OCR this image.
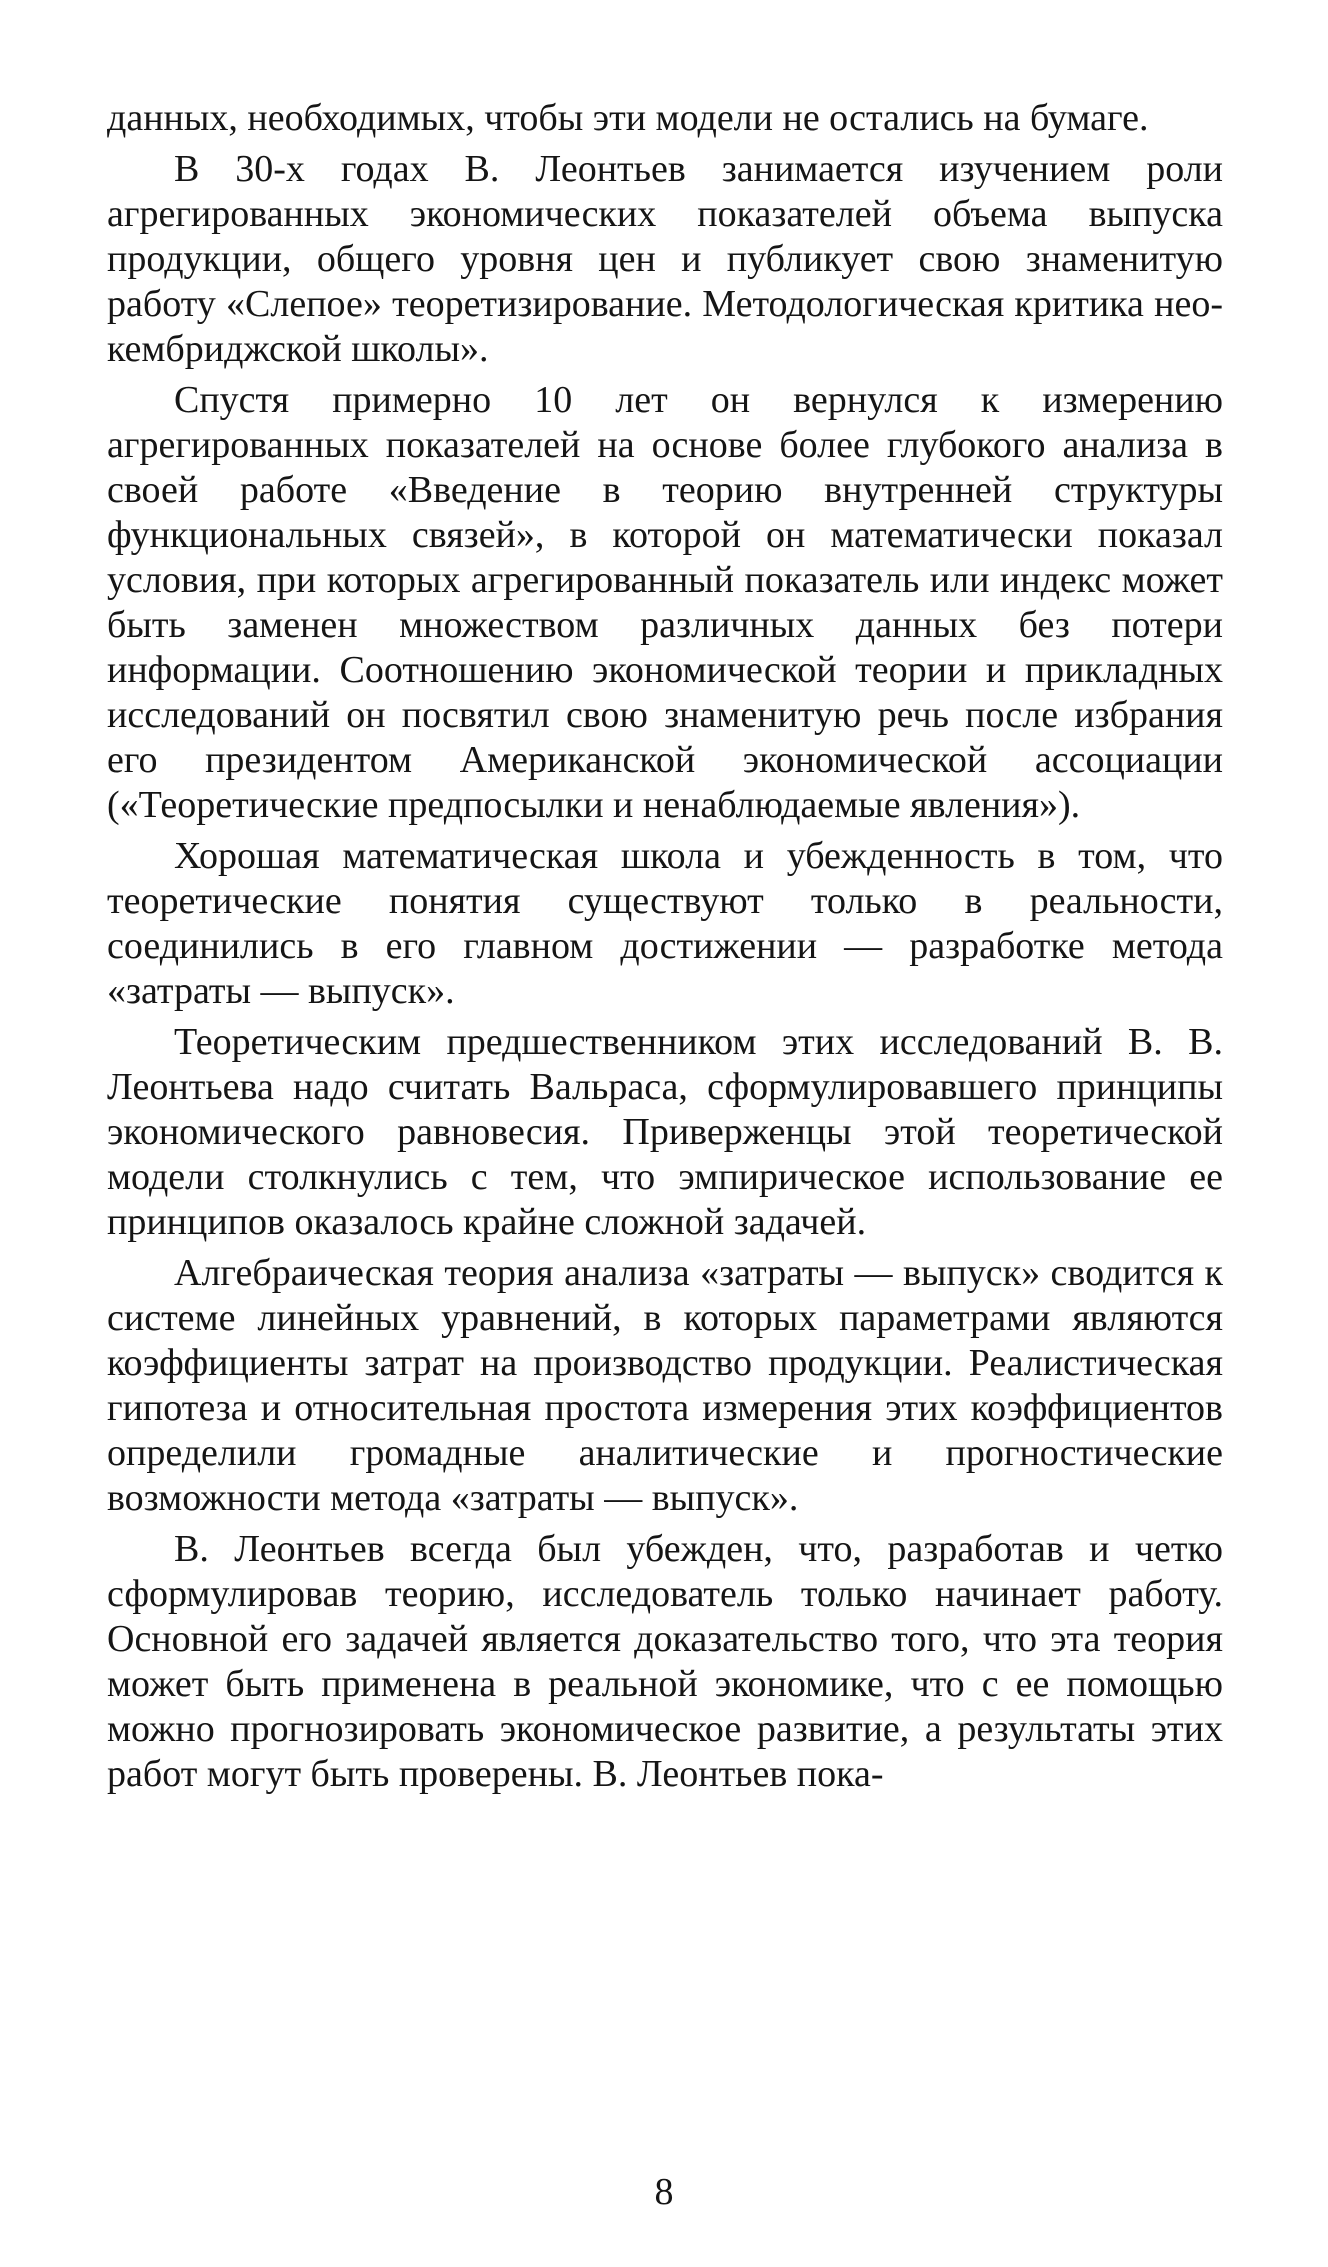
данных, необходимых, чтобы эти модели не остались на бумаге.

В 30-х годах В. Леонтьев занимается изучением роли агрегированных экономических показателей объема выпуска продукции, общего уровня цен и публикует свою знаменитую работу «Слепое» теоретизирование. Методологическая критика нео-кембриджской школы».

Спустя примерно 10 лет он вернулся к измерению агрегированных показателей на основе более глубокого анализа в своей работе «Введение в теорию внутренней структуры функциональных связей», в которой он математически показал условия, при которых агрегированный показатель или индекс может быть заменен множеством различных данных без потери информации. Соотношению экономической теории и прикладных исследований он посвятил свою знаменитую речь после избрания его президентом Американской экономической ассоциации («Теоретические предпосылки и ненаблюдаемые явления»).

Хорошая математическая школа и убежденность в том, что теоретические понятия существуют только в реальности, соединились в его главном достижении — разработке метода «затраты — выпуск».

Теоретическим предшественником этих исследований В. В. Леонтьева надо считать Вальраса, сформулировавшего принципы экономического равновесия. Приверженцы этой теоретической модели столкнулись с тем, что эмпирическое использование ее принципов оказалось крайне сложной задачей.

Алгебраическая теория анализа «затраты — выпуск» сводится к системе линейных уравнений, в которых параметрами являются коэффициенты затрат на производство продукции. Реалистическая гипотеза и относительная простота измерения этих коэффициентов определили громадные аналитические и прогностические возможности метода «затраты — выпуск».

В. Леонтьев всегда был убежден, что, разработав и четко сформулировав теорию, исследователь только начинает работу. Основной его задачей является доказательство того, что эта теория может быть применена в реальной экономике, что с ее помощью можно прогнозировать экономическое развитие, а результаты этих работ могут быть проверены. В. Леонтьев пока-

8
